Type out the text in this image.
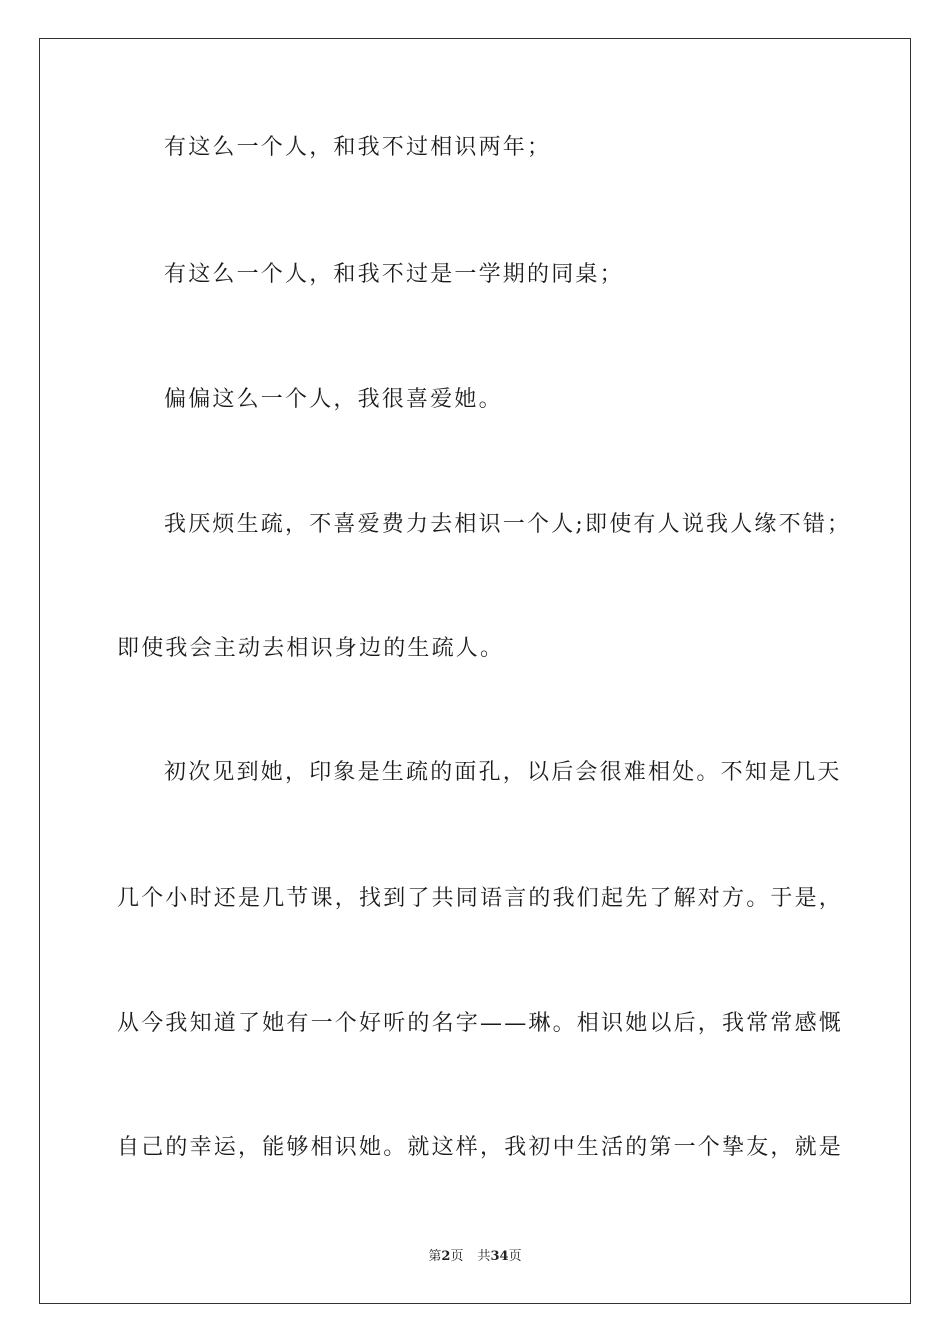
有这么一个人，和我不过相识两年；
有这么一个人，和我不过是一学期的同桌；
偏偏这么一个人，我很喜爱她。
我厌烦生疏，不喜爱费力去相识一个人;即使有人说我人缘不错；
即使我会主动去相识身边的生疏人。
初次见到她，印象是生疏的面孔，以后会很难相处。不知是几天
几个小时还是几节课，找到了共同语言的我们起先了解对方。于是，
从今我知道了她有一个好听的名字——琳。相识她以后，我常常感慨
自己的幸运，能够相识她。就这样，我初中生活的第一个挚友，就是
第2页 共34页
